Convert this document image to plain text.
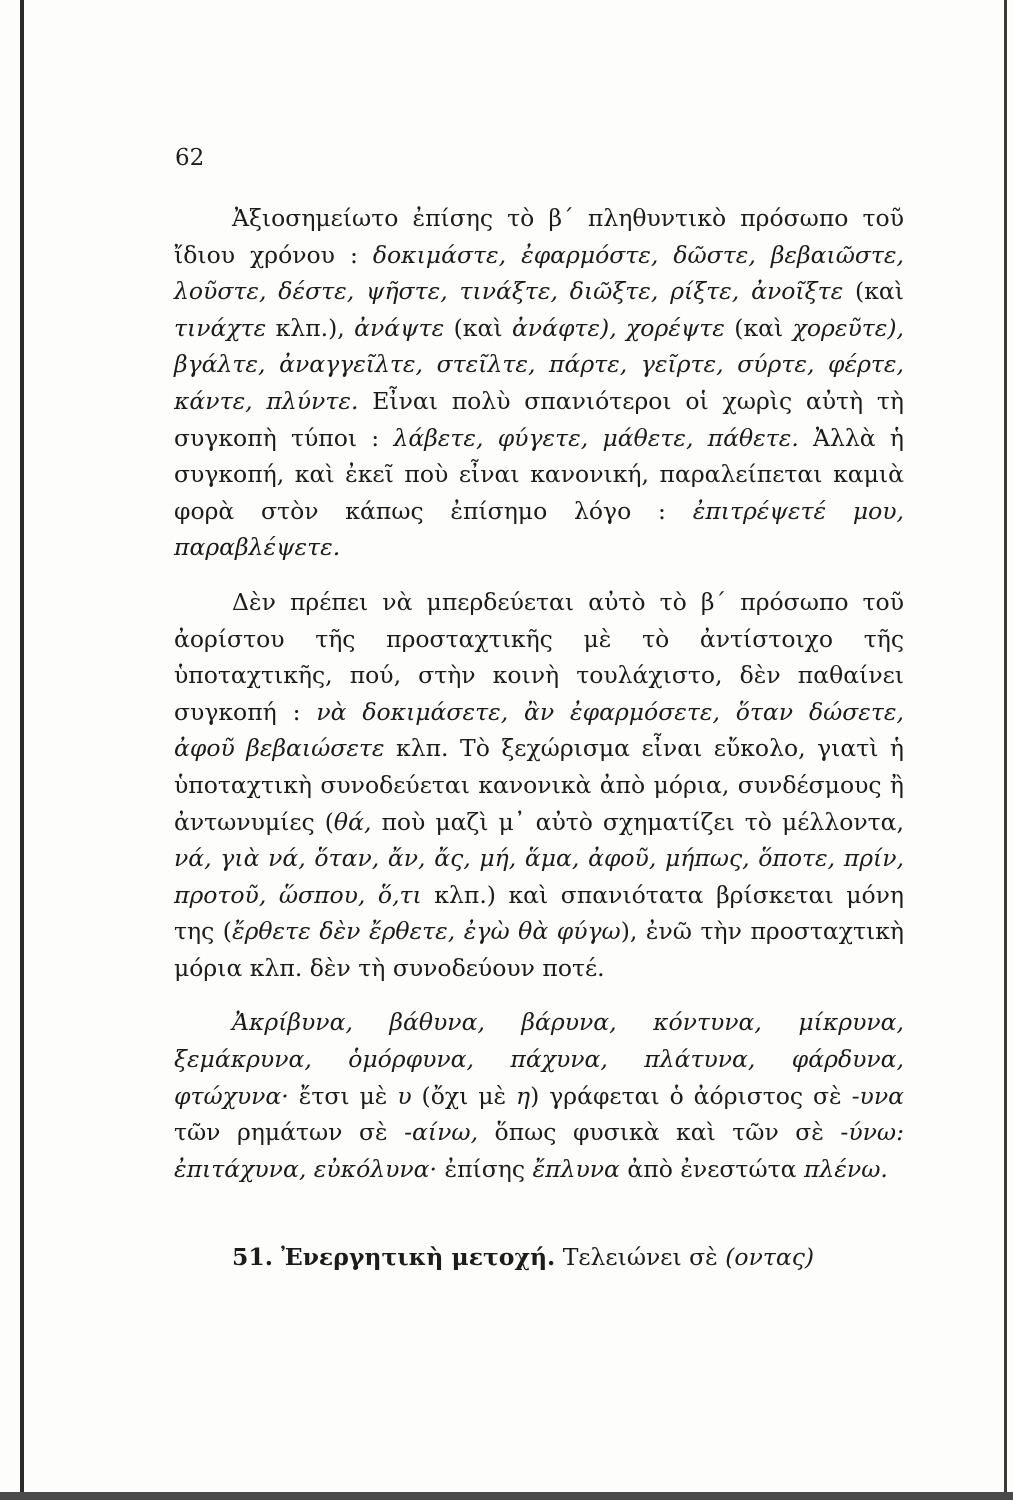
62

Ἀξιοσημείωτο ἐπίσης τὸ β΄ πληθυντικὸ πρόσωπο τοῦ ἴδιου χρόνου : δοκιμάστε, ἐφαρμόστε, δῶστε, βεβαιῶστε, λοῦστε, δέστε, ψῆστε, τινάξτε, διῶξτε, ρίξτε, ἀνοῖξτε (καὶ τινάχτε κλπ.), ἀνάψτε (καὶ ἀνάφτε), χορέψτε (καὶ χορεῦτε), βγάλτε, ἀναγγεῖλτε, στεῖλτε, πάρτε, γεῖρτε, σύρτε, φέρτε, κάντε, πλύντε. Εἶναι πολὺ σπανιότεροι οἱ χωρὶς αὐτὴ τὴ συγκοπὴ τύποι : λάβετε, φύγετε, μάθετε, πάθετε. Ἀλλὰ ἡ συγκοπή, καὶ ἐκεῖ ποὺ εἶναι κανονική, παραλείπεται καμιὰ φορὰ στὸν κάπως ἐπίσημο λόγο : ἐπιτρέψετέ μου, παραβλέψετε.

Δὲν πρέπει νὰ μπερδεύεται αὐτὸ τὸ β΄ πρόσωπο τοῦ ἀορίστου τῆς προσταχτικῆς μὲ τὸ ἀντίστοιχο τῆς ὑποταχτικῆς, πού, στὴν κοινὴ τουλάχιστο, δὲν παθαίνει συγκοπή : νὰ δοκιμάσετε, ἂν ἐφαρμόσετε, ὅταν δώσετε, ἀφοῦ βεβαιώσετε κλπ. Τὸ ξεχώρισμα εἶναι εὔκολο, γιατὶ ἡ ὑποταχτικὴ συνοδεύεται κανονικὰ ἀπὸ μόρια, συνδέσμους ἢ ἀντωνυμίες (θά, ποὺ μαζὶ μ᾽ αὐτὸ σχηματίζει τὸ μέλλοντα, νά, γιὰ νά, ὅταν, ἄν, ἄς, μή, ἅμα, ἀφοῦ, μήπως, ὅποτε, πρίν, προτοῦ, ὥσπου, ὅ,τι κλπ.) καὶ σπανιότατα βρίσκεται μόνη της (ἔρθετε δὲν ἔρθετε, ἐγὼ θὰ φύγω), ἐνῶ τὴν προσταχτικὴ μόρια κλπ. δὲν τὴ συνοδεύουν ποτέ.

Ἀκρίβυνα, βάθυνα, βάρυνα, κόντυνα, μίκρυνα, ξεμάκρυνα, ὁμόρφυνα, πάχυνα, πλάτυνα, φάρδυνα, φτώχυνα· ἔτσι μὲ υ (ὄχι μὲ η) γράφεται ὁ ἀόριστος σὲ -υνα τῶν ρημάτων σὲ -αίνω, ὅπως φυσικὰ καὶ τῶν σὲ -ύνω: ἐπιτάχυνα, εὐκόλυνα· ἐπίσης ἔπλυνα ἀπὸ ἐνεστώτα πλένω.

51. Ἐνεργητικὴ μετοχή. Τελειώνει σὲ (οντας)
